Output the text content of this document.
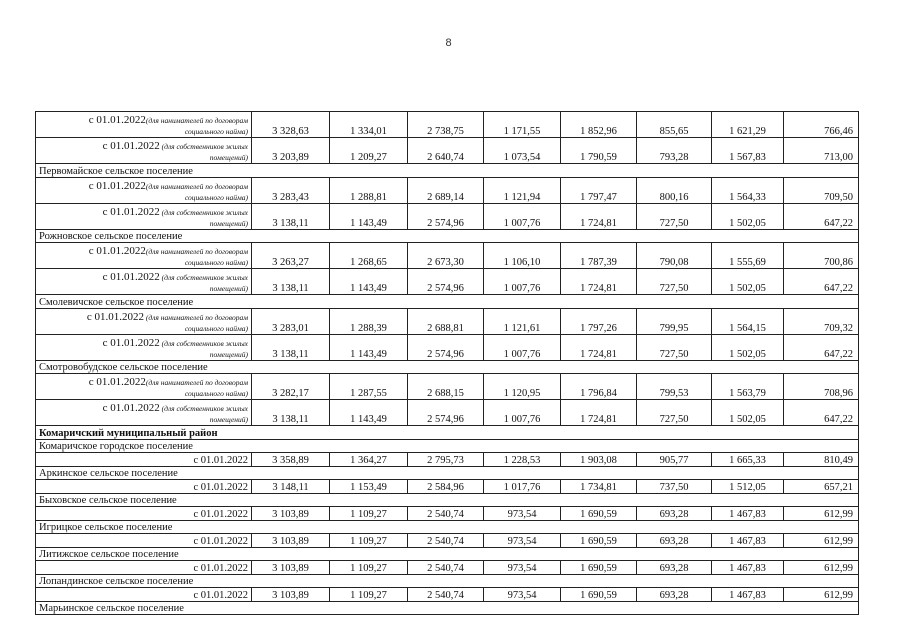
8
с 01.01.2022(для нанимателей по договорам
социального найма)	3 328,63	1 334,01	2 738,75	1 171,55	1 852,96	855,65	1 621,29	766,46

с 01.01.2022 (для собственников жилых
помещений)	3 203,89	1 209,27	2 640,74	1 073,54	1 790,59	793,28	1 567,83	713,00
Первомайское сельское поселение								

с 01.01.2022(для нанимателей по договорам
социального найма)	3 283,43	1 288,81	2 689,14	1 121,94	1 797,47	800,16	1 564,33	709,50

с 01.01.2022 (для собственников жилых
помещений)	3 138,11	1 143,49	2 574,96	1 007,76	1 724,81	727,50	1 502,05	647,22
Рожновское сельское поселение								

с 01.01.2022(для нанимателей по договорам
социального найма)	3 263,27	1 268,65	2 673,30	1 106,10	1 787,39	790,08	1 555,69	700,86

с 01.01.2022 (для собственников жилых
помещений)	3 138,11	1 143,49	2 574,96	1 007,76	1 724,81	727,50	1 502,05	647,22
Смолевичское сельское поселение								

с 01.01.2022 (для нанимателей по договорам
социального найма)	3 283,01	1 288,39	2 688,81	1 121,61	1 797,26	799,95	1 564,15	709,32

с 01.01.2022 (для собственников жилых
помещений)	3 138,11	1 143,49	2 574,96	1 007,76	1 724,81	727,50	1 502,05	647,22
Смотровобудское сельское поселение								

с 01.01.2022(для нанимателей по договорам
социального найма)	3 282,17	1 287,55	2 688,15	1 120,95	1 796,84	799,53	1 563,79	708,96

с 01.01.2022 (для собственников жилых
помещений)	3 138,11	1 143,49	2 574,96	1 007,76	1 724,81	727,50	1 502,05	647,22
Комаричский муниципальный район								
Комаричское городское поселение								
с 01.01.2022	3 358,89	1 364,27	2 795,73	1 228,53	1 903,08	905,77	1 665,33	810,49
Аркинское сельское поселение								
с 01.01.2022	3 148,11	1 153,49	2 584,96	1 017,76	1 734,81	737,50	1 512,05	657,21
Быховское сельское поселение								
с 01.01.2022	3 103,89	1 109,27	2 540,74	973,54	1 690,59	693,28	1 467,83	612,99
Игрицкое сельское поселение								
с 01.01.2022	3 103,89	1 109,27	2 540,74	973,54	1 690,59	693,28	1 467,83	612,99
Литижское сельское поселение								
с 01.01.2022	3 103,89	1 109,27	2 540,74	973,54	1 690,59	693,28	1 467,83	612,99
Лопандинское сельское поселение								
с 01.01.2022	3 103,89	1 109,27	2 540,74	973,54	1 690,59	693,28	1 467,83	612,99
Марьинское сельское поселение								
